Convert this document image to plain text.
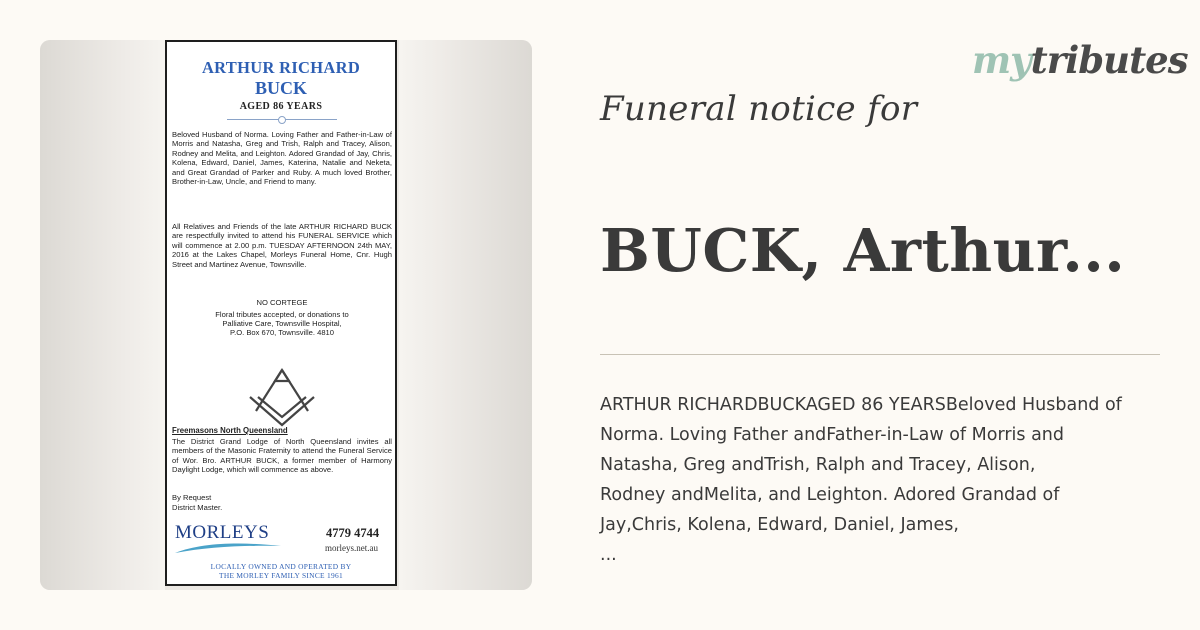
ARTHUR RICHARD
BUCK
AGED 86 YEARS
Beloved Husband of Norma. Loving Father and Father-in-Law of Morris and Natasha, Greg and Trish, Ralph and Tracey, Alison, Rodney and Melita, and Leighton. Adored Grandad of Jay, Chris, Kolena, Edward, Daniel, James, Katerina, Natalie and Neketa, and Great Grandad of Parker and Ruby. A much loved Brother, Brother-in-Law, Uncle, and Friend to many.
All Relatives and Friends of the late ARTHUR RICHARD BUCK are respectfully invited to attend his FUNERAL SERVICE which will commence at 2.00 p.m. TUESDAY AFTERNOON 24th MAY, 2016 at the Lakes Chapel, Morleys Funeral Home, Cnr. Hugh Street and Martinez Avenue, Townsville.
NO CORTEGE
Floral tributes accepted, or donations to
Palliative Care, Townsville Hospital,
P.O. Box 670, Townsville. 4810
Freemasons North Queensland
The District Grand Lodge of North Queensland invites all members of the Masonic Fraternity to attend the Funeral Service of Wor. Bro. ARTHUR BUCK, a former member of Harmony Daylight Lodge, which will commence as above.
By Request
District Master.
MORLEYS	4779 4744
morleys.net.au
LOCALLY OWNED AND OPERATED BY
THE MORLEY FAMILY SINCE 1961
mytributes
Funeral notice for
BUCK, Arthur...
ARTHUR RICHARDBUCKAGED 86 YEARSBeloved Husband of
Norma. Loving Father andFather-in-Law of Morris and
Natasha, Greg andTrish, Ralph and Tracey, Alison,
Rodney andMelita, and Leighton. Adored Grandad of
Jay,Chris, Kolena, Edward, Daniel, James,
...
